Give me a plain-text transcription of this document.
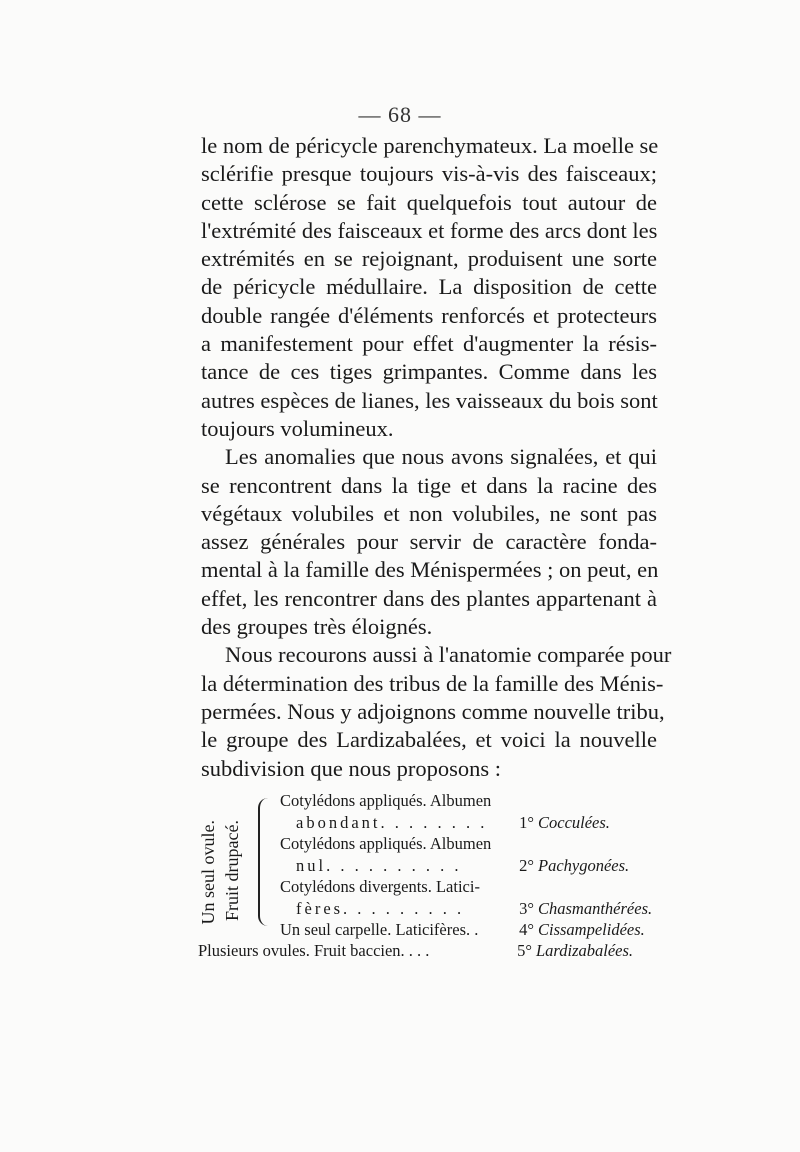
— 68 —
le nom de péricycle parenchymateux. La moelle se
sclérifie presque toujours vis-à-vis des faisceaux;
cette sclérose se fait quelquefois tout autour de
l'extrémité des faisceaux et forme des arcs dont les
extrémités en se rejoignant, produisent une sorte
de péricycle médullaire. La disposition de cette
double rangée d'éléments renforcés et protecteurs
a manifestement pour effet d'augmenter la résis-
tance de ces tiges grimpantes. Comme dans les
autres espèces de lianes, les vaisseaux du bois sont
toujours volumineux.
Les anomalies que nous avons signalées, et qui
se rencontrent dans la tige et dans la racine des
végétaux volubiles et non volubiles, ne sont pas
assez générales pour servir de caractère fonda-
mental à la famille des Ménispermées ; on peut, en
effet, les rencontrer dans des plantes appartenant à
des groupes très éloignés.
Nous recourons aussi à l'anatomie comparée pour
la détermination des tribus de la famille des Ménis-
permées. Nous y adjoignons comme nouvelle tribu,
le groupe des Lardizabalées, et voici la nouvelle
subdivision que nous proposons :
Un seul ovule. Fruit drupacé.
Cotylédons appliqués. Albumen
abondant. . . . . . . .	1° Cocculées.
Cotylédons appliqués. Albumen
nul. . . . . . . . . .	2° Pachygonées.
Cotylédons divergents. Latici-
fères. . . . . . . . .	3° Chasmanthérées.
Un seul carpelle. Laticifères. .	4° Cissampelidées.
Plusieurs ovules. Fruit baccien. . . .	5° Lardizabalées.
